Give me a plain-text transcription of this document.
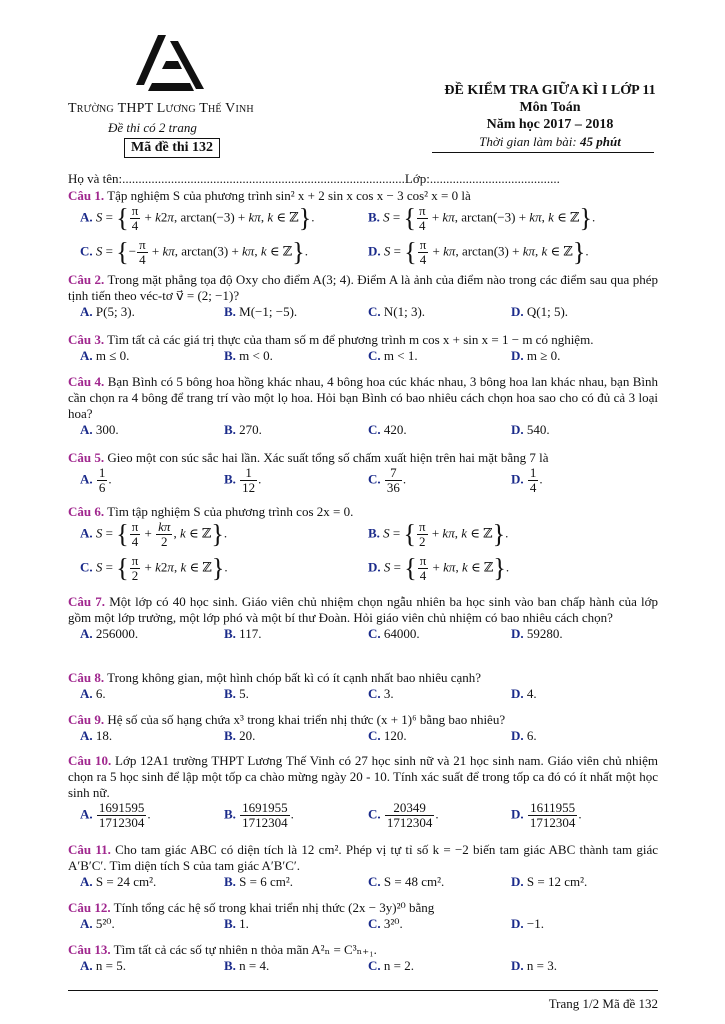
Trường THPT Lương Thế Vinh
Đề thi có 2 trang
Mã đề thi 132
ĐỀ KIỂM TRA GIỮA KÌ I LỚP 11
Môn Toán
Năm học 2017 – 2018
Thời gian làm bài: 45 phút
Họ và tên:.......................................................................................Lớp:........................................
Câu 1. Tập nghiệm S của phương trình sin² x + 2 sin x cos x − 3 cos² x = 0 là
A. S = { $\frac{\pi}{4} + k2\pi$, arctan(−3) + kπ, k ∈ ℤ}.	B. S = { $\frac{\pi}{4} + k\pi$, arctan(−3) + kπ, k ∈ ℤ}.
C. S = {− $\frac{\pi}{4} + k\pi$, arctan(3) + kπ, k ∈ ℤ}.	D. S = { $\frac{\pi}{4} + k\pi$, arctan(3) + kπ, k ∈ ℤ}.
Câu 2. Trong mặt phẳng tọa độ Oxy cho điểm A(3; 4). Điểm A là ảnh của điểm nào trong các điểm sau qua phép tịnh tiến theo véc-tơ v⃗ = (2; −1)?
A. P(5; 3).	B. M(−1; −5).	C. N(1; 3).	D. Q(1; 5).
Câu 3. Tìm tất cả các giá trị thực của tham số m để phương trình m cos x + sin x = 1 − m có nghiệm.
A. m ≤ 0.	B. m < 0.	C. m < 1.	D. m ≥ 0.
Câu 4. Bạn Bình có 5 bông hoa hồng khác nhau, 4 bông hoa cúc khác nhau, 3 bông hoa lan khác nhau, bạn Bình cần chọn ra 4 bông để trang trí vào một lọ hoa. Hỏi bạn Bình có bao nhiêu cách chọn hoa sao cho có đủ cả 3 loại hoa?
A. 300.	B. 270.	C. 420.	D. 540.
Câu 5. Gieo một con súc sắc hai lần. Xác suất tổng số chấm xuất hiện trên hai mặt bằng 7 là
A. $\frac{1}{6}$ .	B. $\frac{1}{12}$ .	C. $\frac{7}{36}$ .	D. $\frac{1}{4}$ .
Câu 6. Tìm tập nghiệm S của phương trình cos 2x = 0.
A. S = { $\frac{\pi}{4} + \frac{k\pi}{2}$ , k ∈ ℤ}.	B. S = { $\frac{\pi}{2} + k\pi$, k ∈ ℤ}.
C. S = { $\frac{\pi}{2} + k2\pi$, k ∈ ℤ}.	D. S = { $\frac{\pi}{4} + k\pi$, k ∈ ℤ}.
Câu 7. Một lớp có 40 học sinh. Giáo viên chủ nhiệm chọn ngẫu nhiên ba học sinh vào ban chấp hành của lớp gồm một lớp trưởng, một lớp phó và một bí thư Đoàn. Hỏi giáo viên chủ nhiệm có bao nhiêu cách chọn?
A. 256000.	B. 117.	C. 64000.	D. 59280.
Câu 8. Trong không gian, một hình chóp bất kì có ít cạnh nhất bao nhiêu cạnh?
A. 6.	B. 5.	C. 3.	D. 4.
Câu 9. Hệ số của số hạng chứa x³ trong khai triển nhị thức (x + 1)⁶ bằng bao nhiêu?
A. 18.	B. 20.	C. 120.	D. 6.
Câu 10. Lớp 12A1 trường THPT Lương Thế Vinh có 27 học sinh nữ và 21 học sinh nam. Giáo viên chủ nhiệm chọn ra 5 học sinh để lập một tốp ca chào mừng ngày 20 - 10. Tính xác suất để trong tốp ca đó có ít nhất một học sinh nữ.
A. $\frac{1691595}{1712304}$ .	B. $\frac{1691955}{1712304}$ .	C. $\frac{20349}{1712304}$ .	D. $\frac{1611955}{1712304}$ .
Câu 11. Cho tam giác ABC có diện tích là 12 cm². Phép vị tự tỉ số k = −2 biến tam giác ABC thành tam giác A′B′C′. Tìm diện tích S của tam giác A′B′C′.
A. S = 24 cm².	B. S = 6 cm².	C. S = 48 cm².	D. S = 12 cm².
Câu 12. Tính tổng các hệ số trong khai triển nhị thức (2x − 3y)²⁰ bằng
A. 5²⁰.	B. 1.	C. 3²⁰.	D. −1.
Câu 13. Tìm tất cả các số tự nhiên n thỏa mãn A²ₙ = C³ₙ₊₁.
A. n = 5.	B. n = 4.	C. n = 2.	D. n = 3.
Trang 1/2 Mã đề 132
